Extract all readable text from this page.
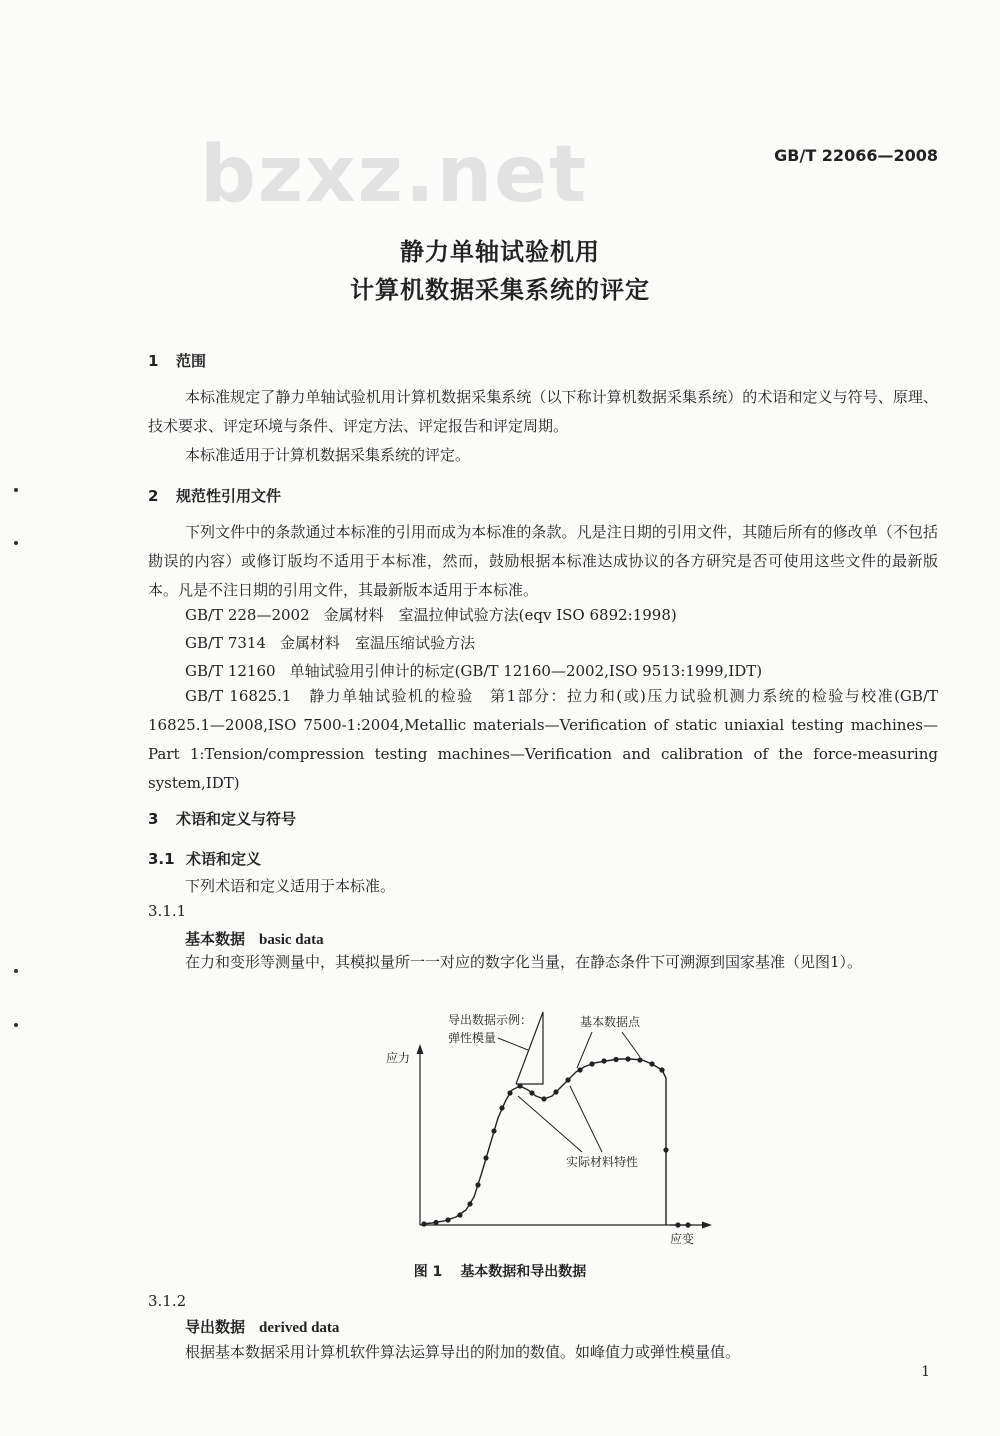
bzxz.net	GB/T 22066—2008
静力单轴试验机用
计算机数据采集系统的评定
1 范围
本标准规定了静力单轴试验机用计算机数据采集系统（以下称计算机数据采集系统）的术语和定义与符号、原理、技术要求、评定环境与条件、评定方法、评定报告和评定周期。
本标准适用于计算机数据采集系统的评定。
2 规范性引用文件
下列文件中的条款通过本标准的引用而成为本标准的条款。凡是注日期的引用文件，其随后所有的修改单（不包括勘误的内容）或修订版均不适用于本标准，然而，鼓励根据本标准达成协议的各方研究是否可使用这些文件的最新版本。凡是不注日期的引用文件，其最新版本适用于本标准。
GB/T 228—2002 金属材料　室温拉伸试验方法(eqv ISO 6892:1998)
GB/T 7314 金属材料　室温压缩试验方法
GB/T 12160 单轴试验用引伸计的标定(GB/T 12160—2002,ISO 9513:1999,IDT)
GB/T 16825.1　静力单轴试验机的检验　第1部分：拉力和(或)压力试验机测力系统的检验与校准(GB/T 16825.1—2008,ISO 7500-1:2004,Metallic materials—Verification of static uniaxial testing machines—Part 1:Tension/compression testing machines—Verification and calibration of the force-measuring system,IDT)
3 术语和定义与符号
3.1 术语和定义
下列术语和定义适用于本标准。
3.1.1
基本数据 basic data
在力和变形等测量中，其模拟量所一一对应的数字化当量，在静态条件下可溯源到国家基准（见图1）。
应力
应变
导出数据示例：
弹性模量
基本数据点
实际材料特性
图 1 基本数据和导出数据
3.1.2
导出数据 derived data
根据基本数据采用计算机软件算法运算导出的附加的数值。如峰值力或弹性模量值。
1
